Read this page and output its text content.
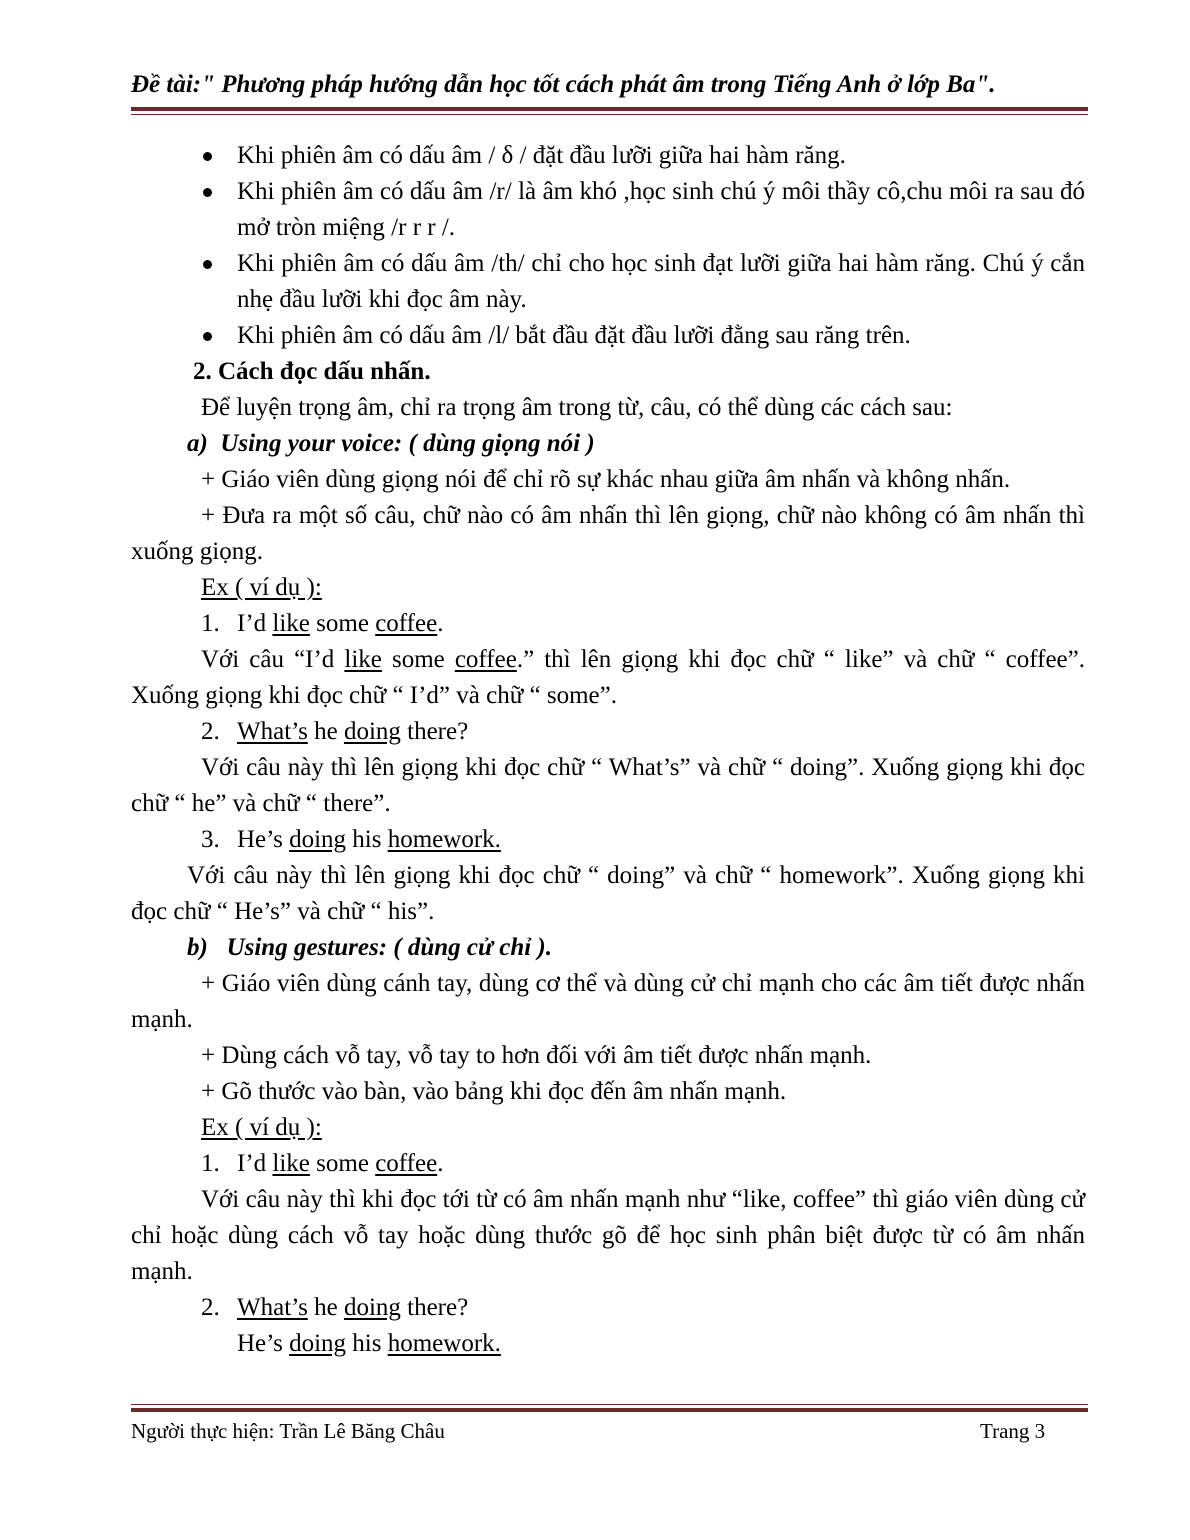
Đề tài:" Phương pháp hướng dẫn học tốt cách phát âm trong Tiếng Anh ở lớp Ba".

Khi phiên âm có dấu âm / δ / đặt đầu lưỡi giữa hai hàm răng.

Khi phiên âm có dấu âm /r/ là âm khó ,học sinh chú ý môi thầy cô,chu môi ra sau đó mở tròn miệng /r r r /.

Khi phiên âm có dấu âm /th/ chỉ cho học sinh đạt lưỡi giữa hai hàm răng. Chú ý cắn nhẹ đầu lưỡi khi đọc âm này.

Khi phiên âm có dấu âm /l/ bắt đầu đặt đầu lưỡi đằng sau răng trên.

2. Cách đọc dấu nhấn.

Để luyện trọng âm, chỉ ra trọng âm trong từ, câu, có thể dùng các cách sau:

a) Using your voice: ( dùng giọng nói )

+ Giáo viên dùng giọng nói để chỉ rõ sự khác nhau giữa âm nhấn và không nhấn.

+ Đưa ra một số câu, chữ nào có âm nhấn thì lên giọng, chữ nào không có âm nhấn thì xuống giọng.

Ex ( ví dụ ):

1. I’d like some coffee.

Với câu “I’d like some coffee.” thì lên giọng khi đọc chữ “ like” và chữ “ coffee”. Xuống giọng khi đọc chữ “ I’d” và chữ “ some”.

2. What’s he doing there?

Với câu này thì lên giọng khi đọc chữ “ What’s” và chữ “ doing”. Xuống giọng khi đọc chữ “ he” và chữ “ there”.

3. He’s doing his homework.

Với câu này thì lên giọng khi đọc chữ “ doing” và chữ “ homework”. Xuống giọng khi đọc chữ “ He’s” và chữ “ his”.

b) Using gestures: ( dùng cử chỉ ).

+ Giáo viên dùng cánh tay, dùng cơ thể và dùng cử chỉ mạnh cho các âm tiết được nhấn mạnh.

+ Dùng cách vỗ tay, vỗ tay to hơn đối với âm tiết được nhấn mạnh.

+ Gõ thước vào bàn, vào bảng khi đọc đến âm nhấn mạnh.

Ex ( ví dụ ):

1. I’d like some coffee.

Với câu này thì khi đọc tới từ có âm nhấn mạnh như “like, coffee” thì giáo viên dùng cử chỉ hoặc dùng cách vỗ tay hoặc dùng thước gõ để học sinh phân biệt được từ có âm nhấn mạnh.

2. What’s he doing there?

He’s doing his homework.

Người thực hiện: Trần Lê Băng Châu	Trang 3
